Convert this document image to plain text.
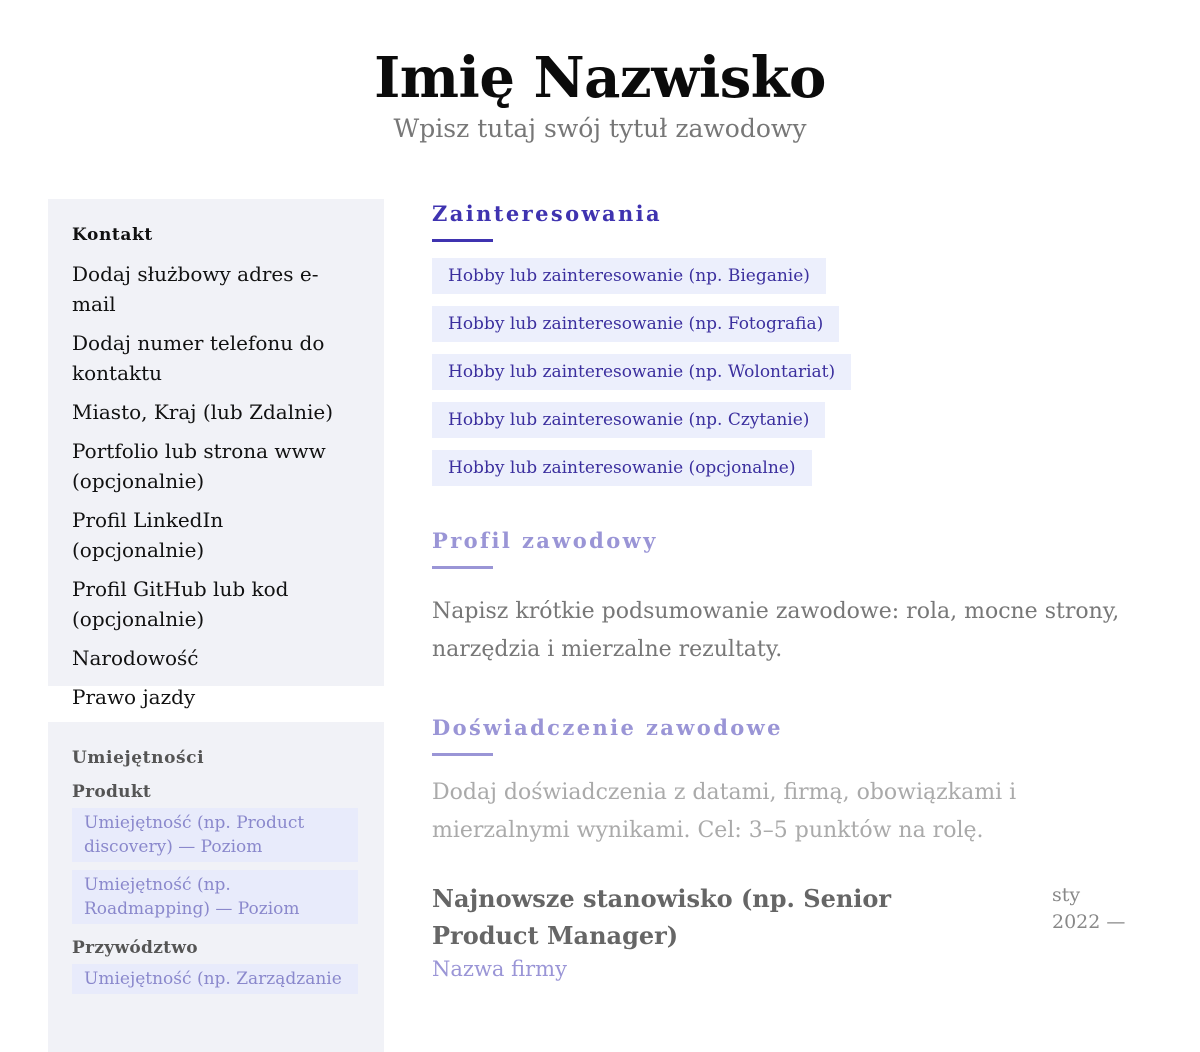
Imię Nazwisko
Wpisz tutaj swój tytuł zawodowy
Kontakt
Dodaj służbowy adres e-mail
Dodaj numer telefonu do kontaktu
Miasto, Kraj (lub Zdalnie)
Portfolio lub strona www (opcjonalnie)
Profil LinkedIn (opcjonalnie)
Profil GitHub lub kod (opcjonalnie)
Narodowość
Prawo jazdy
Umiejętności
Produkt
Umiejętność (np. Product discovery) — Poziom
Umiejętność (np. Roadmapping) — Poziom
Przywództwo
Umiejętność (np. Zarządzanie
Zainteresowania
Hobby lub zainteresowanie (np. Bieganie)
Hobby lub zainteresowanie (np. Fotografia)
Hobby lub zainteresowanie (np. Wolontariat)
Hobby lub zainteresowanie (np. Czytanie)
Hobby lub zainteresowanie (opcjonalne)
Profil zawodowy
Napisz krótkie podsumowanie zawodowe: rola, mocne strony, narzędzia i mierzalne rezultaty.
Doświadczenie zawodowe
Dodaj doświadczenia z datami, firmą, obowiązkami i mierzalnymi wynikami. Cel: 3–5 punktów na rolę.
Najnowsze stanowisko (np. Senior Product Manager)
sty 2022 —
Nazwa firmy
